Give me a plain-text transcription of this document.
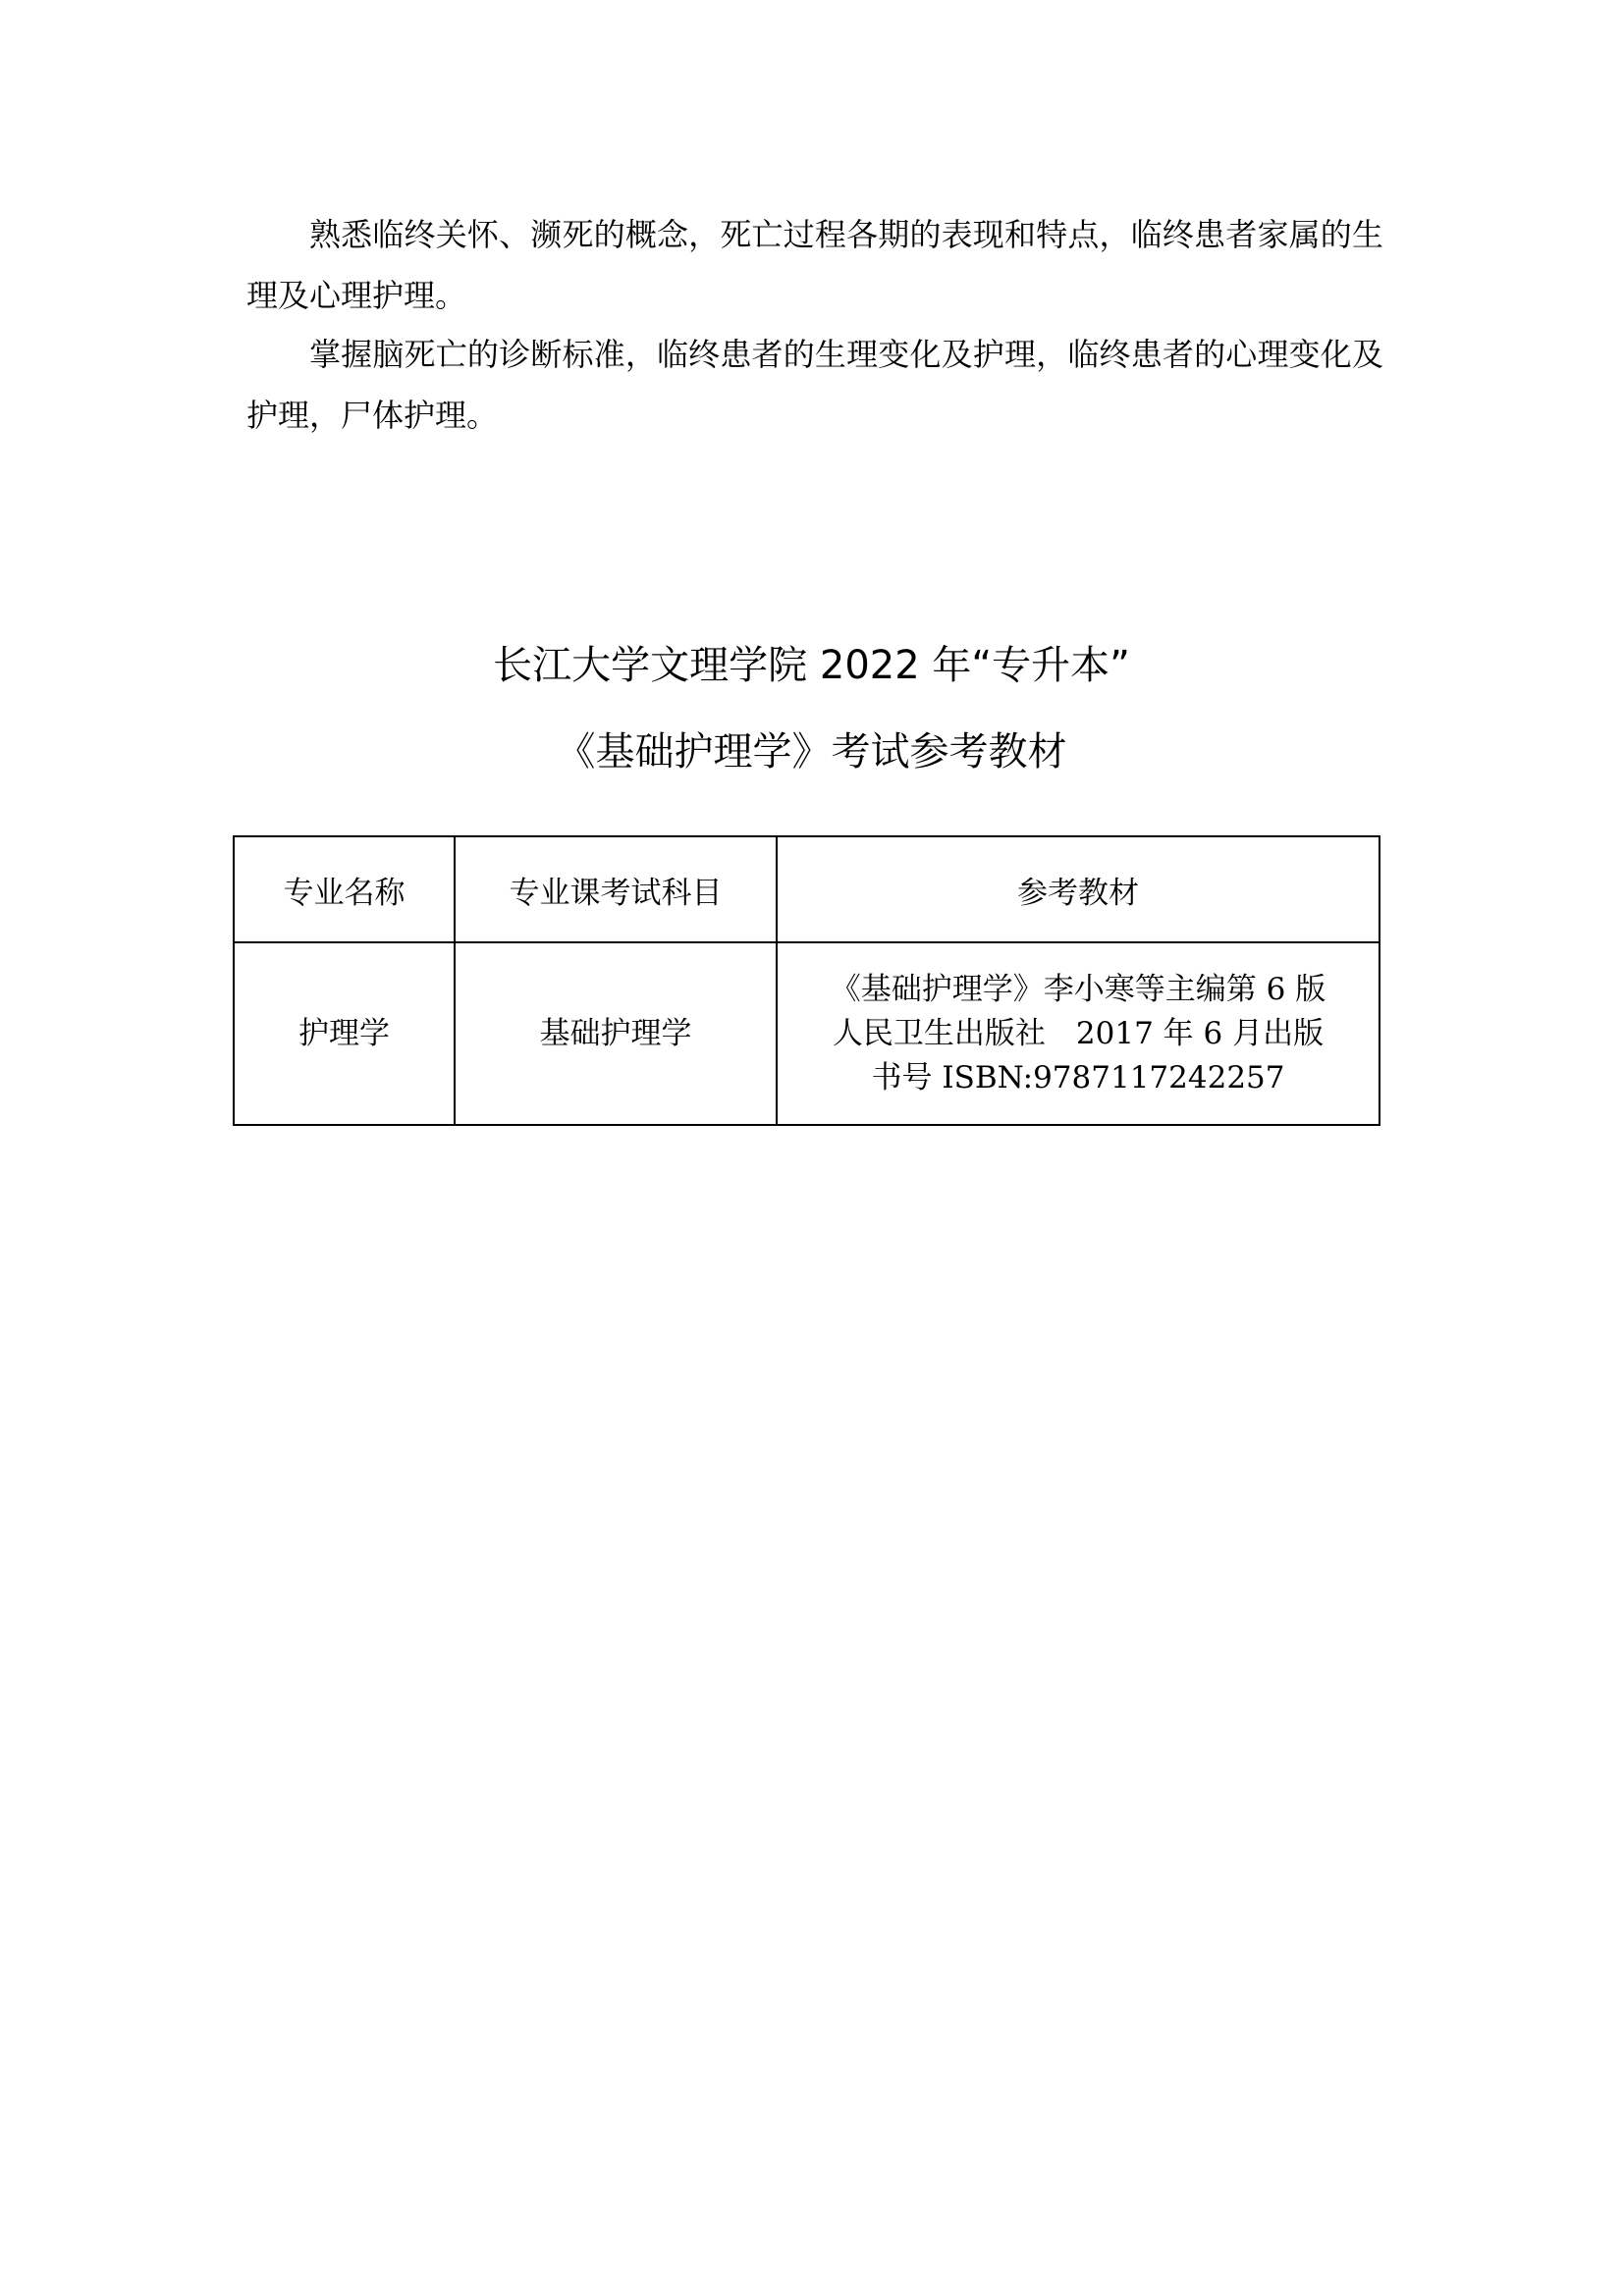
熟悉临终关怀、濒死的概念，死亡过程各期的表现和特点，临终患者家属的生理及心理护理。

掌握脑死亡的诊断标准，临终患者的生理变化及护理，临终患者的心理变化及护理，尸体护理。

长江大学文理学院 2022 年“专升本”
《基础护理学》考试参考教材
专业名称	专业课考试科目	参考教材
护理学	基础护理学	《基础护理学》李小寒等主编第 6 版
人民卫生出版社　2017 年 6 月出版
书号 ISBN:9787117242257
